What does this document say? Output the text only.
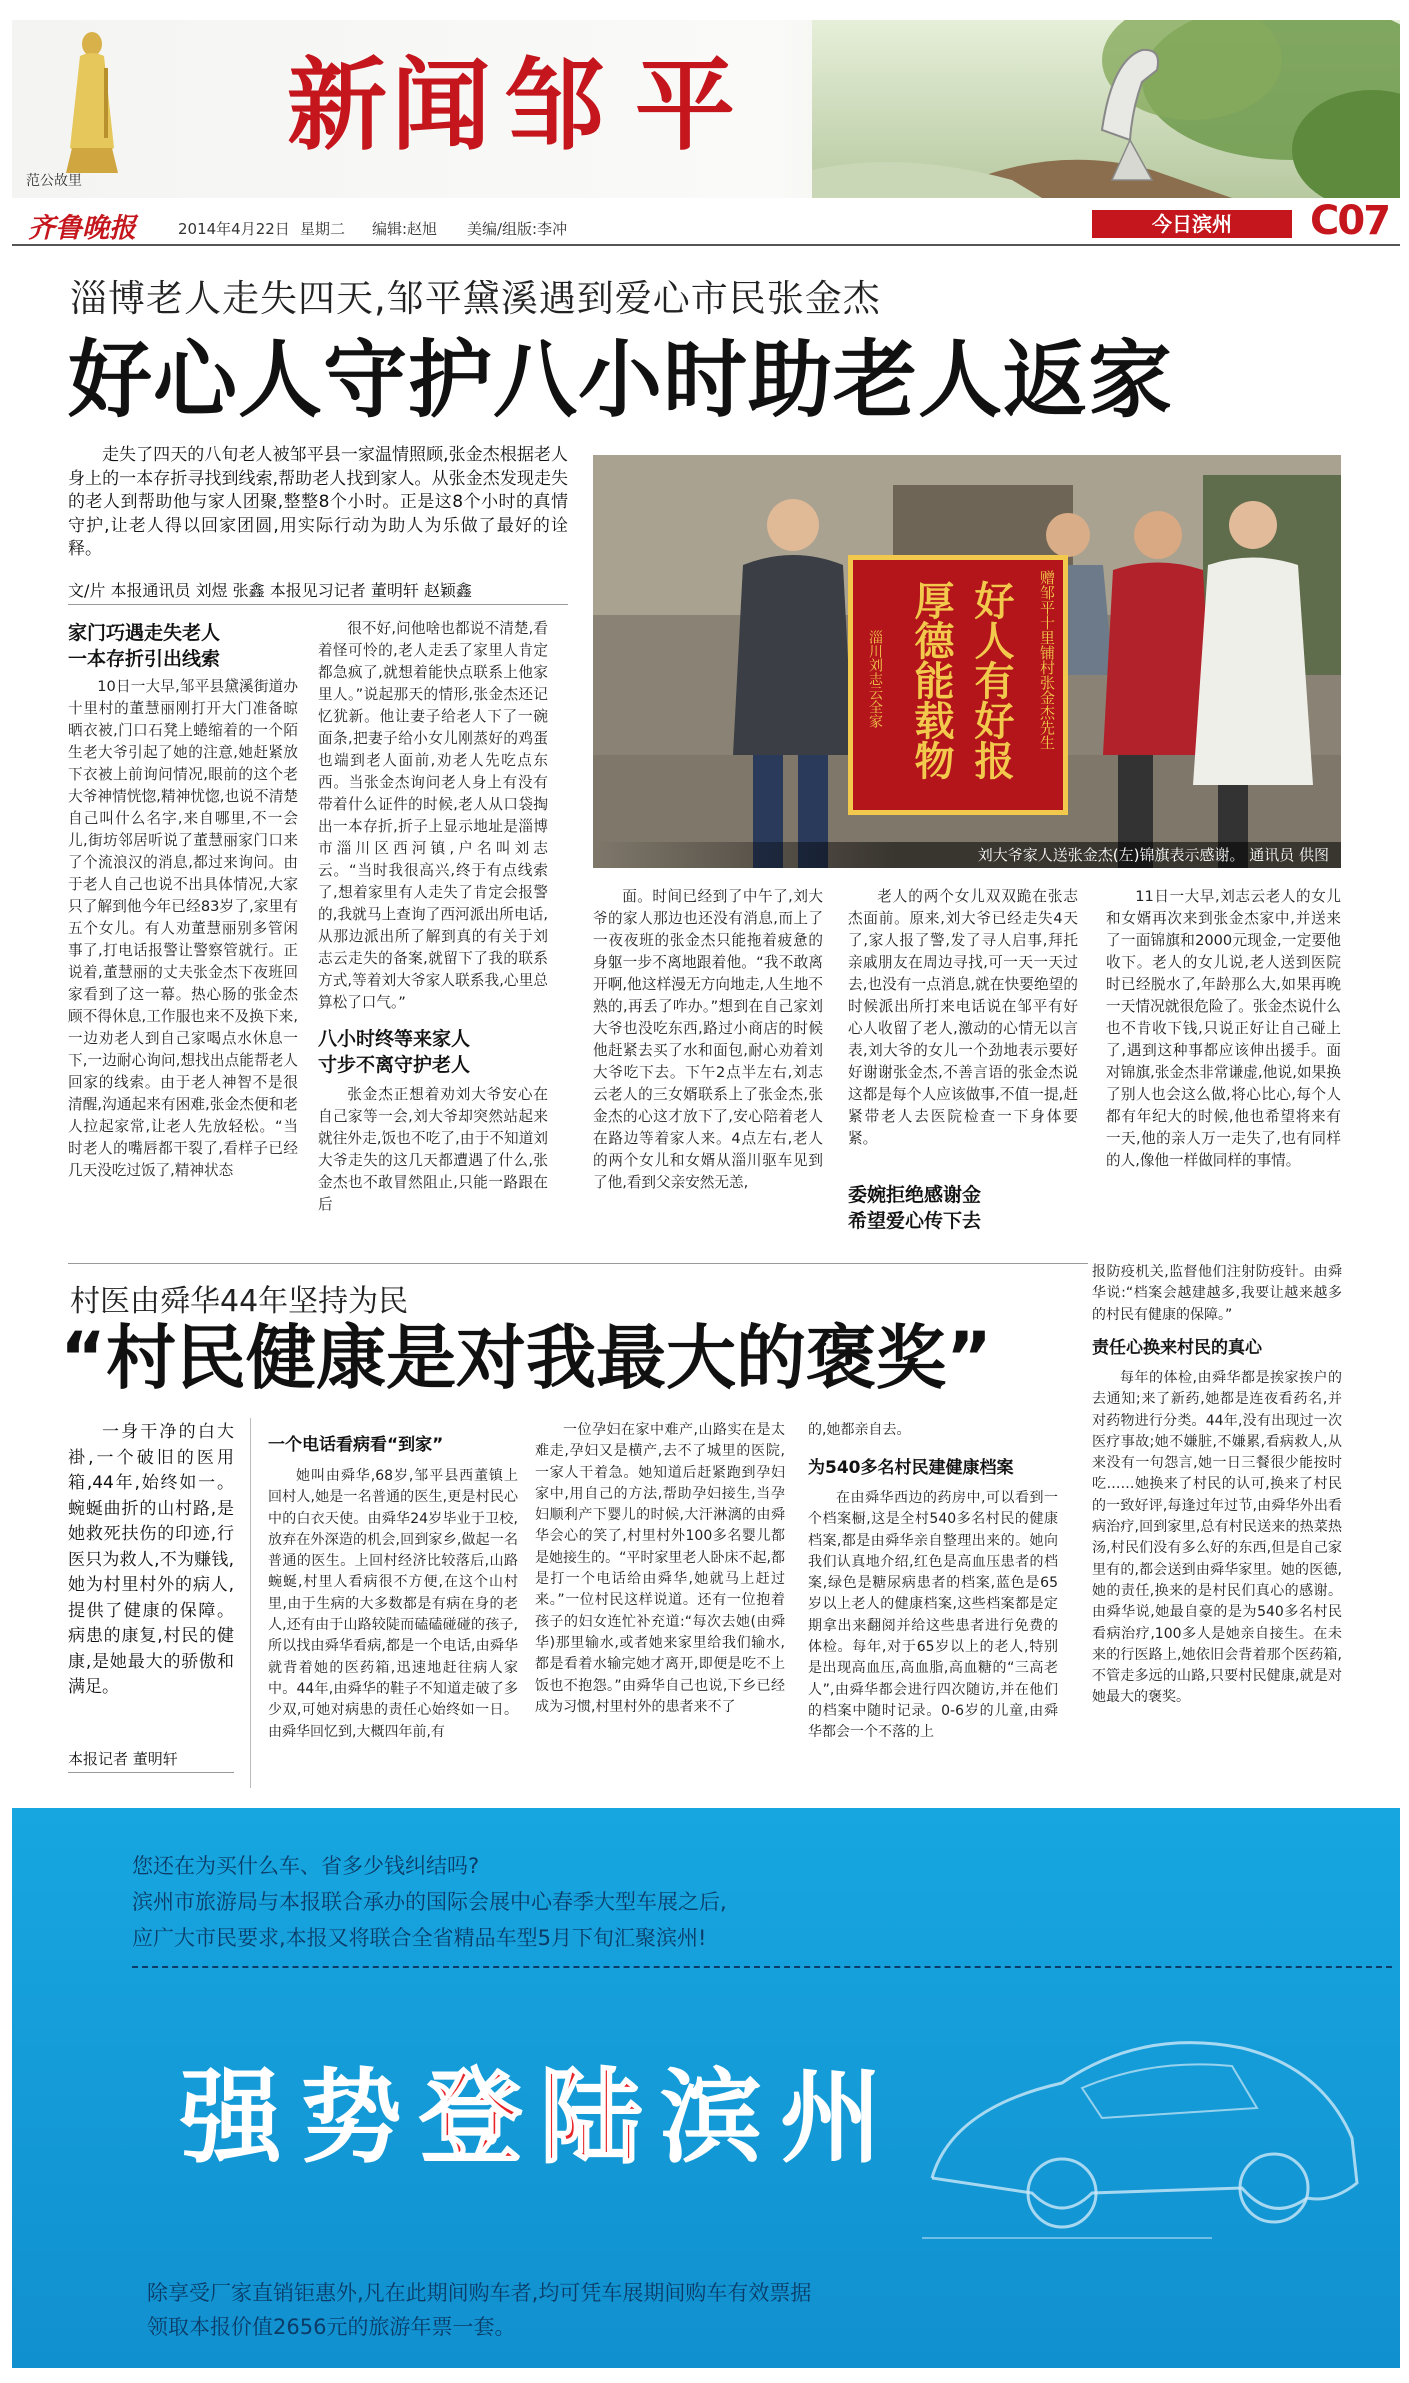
范公故里
新闻 邹平
齐鲁晚报	2014年4月22日 星期二 编辑:赵旭 美编/组版:李冲	今日滨州	C07
淄博老人走失四天,邹平黛溪遇到爱心市民张金杰
好心人守护八小时助老人返家
走失了四天的八旬老人被邹平县一家温情照顾,张金杰根据老人身上的一本存折寻找到线索,帮助老人找到家人。从张金杰发现走失的老人到帮助他与家人团聚,整整8个小时。正是这8个小时的真情守护,让老人得以回家团圆,用实际行动为助人为乐做了最好的诠释。
文/片 本报通讯员 刘煜 张鑫 本报见习记者 董明轩 赵颖鑫
家门巧遇走失老人
一本存折引出线索

10日一大早,邹平县黛溪街道办十里村的董慧丽刚打开大门准备晾晒衣被,门口石凳上蜷缩着的一个陌生老大爷引起了她的注意,她赶紧放下衣被上前询问情况,眼前的这个老大爷神情恍惚,精神忧惚,也说不清楚自己叫什么名字,来自哪里,不一会儿,街坊邻居听说了董慧丽家门口来了个流浪汉的消息,都过来询问。由于老人自己也说不出具体情况,大家只了解到他今年已经83岁了,家里有五个女儿。有人劝董慧丽别多管闲事了,打电话报警让警察管就行。正说着,董慧丽的丈夫张金杰下夜班回家看到了这一幕。热心肠的张金杰顾不得休息,工作服也来不及换下来,一边劝老人到自己家喝点水休息一下,一边耐心询问,想找出点能帮老人回家的线索。由于老人神智不是很清醒,沟通起来有困难,张金杰便和老人拉起家常,让老人先放轻松。“当时老人的嘴唇都干裂了,看样子已经几天没吃过饭了,精神状态

很不好,问他啥也都说不清楚,看着怪可怜的,老人走丢了家里人肯定都急疯了,就想着能快点联系上他家里人。”说起那天的情形,张金杰还记忆犹新。他让妻子给老人下了一碗面条,把妻子给小女儿刚蒸好的鸡蛋也端到老人面前,劝老人先吃点东西。当张金杰询问老人身上有没有带着什么证件的时候,老人从口袋掏出一本存折,折子上显示地址是淄博市淄川区西河镇,户名叫刘志云。“当时我很高兴,终于有点线索了,想着家里有人走失了肯定会报警的,我就马上查询了西河派出所电话,从那边派出所了解到真的有关于刘志云走失的备案,就留下了我的联系方式,等着刘大爷家人联系我,心里总算松了口气。”

八小时终等来家人
寸步不离守护老人

张金杰正想着劝刘大爷安心在自己家等一会,刘大爷却突然站起来就往外走,饭也不吃了,由于不知道刘大爷走失的这几天都遭遇了什么,张金杰也不敢冒然阻止,只能一路跟在后

赠邹平十里铺村张金杰先生
好人有好报
厚德能载物
淄川刘志云全家
刘大爷家人送张金杰(左)锦旗表示感谢。 通讯员 供图

面。时间已经到了中午了,刘大爷的家人那边也还没有消息,而上了一夜夜班的张金杰只能拖着疲惫的身躯一步不离地跟着他。“我不敢离开啊,他这样漫无方向地走,人生地不熟的,再丢了咋办。”想到在自己家刘大爷也没吃东西,路过小商店的时候他赶紧去买了水和面包,耐心劝着刘大爷吃下去。下午2点半左右,刘志云老人的三女婿联系上了张金杰,张金杰的心这才放下了,安心陪着老人在路边等着家人来。4点左右,老人的两个女儿和女婿从淄川驱车见到了他,看到父亲安然无恙,

老人的两个女儿双双跪在张志杰面前。原来,刘大爷已经走失4天了,家人报了警,发了寻人启事,拜托亲戚朋友在周边寻找,可一天一天过去,也没有一点消息,就在快要绝望的时候派出所打来电话说在邹平有好心人收留了老人,激动的心情无以言表,刘大爷的女儿一个劲地表示要好好谢谢张金杰,不善言语的张金杰说这都是每个人应该做事,不值一提,赶紧带老人去医院检查一下身体要紧。

委婉拒绝感谢金
希望爱心传下去

11日一大早,刘志云老人的女儿和女婿再次来到张金杰家中,并送来了一面锦旗和2000元现金,一定要他收下。老人的女儿说,老人送到医院时已经脱水了,年龄那么大,如果再晚一天情况就很危险了。张金杰说什么也不肯收下钱,只说正好让自己碰上了,遇到这种事都应该伸出援手。面对锦旗,张金杰非常谦虚,他说,如果换了别人也会这么做,将心比心,每个人都有年纪大的时候,他也希望将来有一天,他的亲人万一走失了,也有同样的人,像他一样做同样的事情。

村医由舜华44年坚持为民
“村民健康是对我最大的褒奖”
一身干净的白大褂,一个破旧的医用箱,44年,始终如一。蜿蜒曲折的山村路,是她救死扶伤的印迹,行医只为救人,不为赚钱,她为村里村外的病人,提供了健康的保障。病患的康复,村民的健康,是她最大的骄傲和满足。
本报记者 董明轩
一个电话看病看“到家”

她叫由舜华,68岁,邹平县西董镇上回村人,她是一名普通的医生,更是村民心中的白衣天使。由舜华24岁毕业于卫校,放弃在外深造的机会,回到家乡,做起一名普通的医生。上回村经济比较落后,山路蜿蜒,村里人看病很不方便,在这个山村里,由于生病的大多数都是有病在身的老人,还有由于山路较陡而磕磕碰碰的孩子,所以找由舜华看病,都是一个电话,由舜华就背着她的医药箱,迅速地赶往病人家中。44年,由舜华的鞋子不知道走破了多少双,可她对病患的责任心始终如一日。由舜华回忆到,大概四年前,有

一位孕妇在家中难产,山路实在是太难走,孕妇又是横产,去不了城里的医院,一家人干着急。她知道后赶紧跑到孕妇家中,用自己的方法,帮助孕妇接生,当孕妇顺利产下婴儿的时候,大汗淋漓的由舜华会心的笑了,村里村外100多名婴儿都是她接生的。“平时家里老人卧床不起,都是打一个电话给由舜华,她就马上赶过来。”一位村民这样说道。还有一位抱着孩子的妇女连忙补充道:“每次去她(由舜华)那里输水,或者她来家里给我们输水,都是看着水输完她才离开,即便是吃不上饭也不抱怨。”由舜华自己也说,下乡已经成为习惯,村里村外的患者来不了

的,她都亲自去。

为540多名村民建健康档案

在由舜华西边的药房中,可以看到一个档案橱,这是全村540多名村民的健康档案,都是由舜华亲自整理出来的。她向我们认真地介绍,红色是高血压患者的档案,绿色是糖尿病患者的档案,蓝色是65岁以上老人的健康档案,这些档案都是定期拿出来翻阅并给这些患者进行免费的体检。每年,对于65岁以上的老人,特别是出现高血压,高血脂,高血糖的“三高老人”,由舜华都会进行四次随访,并在他们的档案中随时记录。0-6岁的儿童,由舜华都会一个不落的上

报防疫机关,监督他们注射防疫针。由舜华说:“档案会越建越多,我要让越来越多的村民有健康的保障。”

责任心换来村民的真心

每年的体检,由舜华都是挨家挨户的去通知;来了新药,她都是连夜看药名,并对药物进行分类。44年,没有出现过一次医疗事故;她不嫌脏,不嫌累,看病救人,从来没有一句怨言,她一日三餐很少能按时吃……她换来了村民的认可,换来了村民的一致好评,每逢过年过节,由舜华外出看病治疗,回到家里,总有村民送来的热菜热汤,村民们没有多么好的东西,但是自己家里有的,都会送到由舜华家里。她的医德,她的责任,换来的是村民们真心的感谢。由舜华说,她最自豪的是为540多名村民看病治疗,100多人是她亲自接生。在未来的行医路上,她依旧会背着那个医药箱,不管走多远的山路,只要村民健康,就是对她最大的褒奖。

您还在为买什么车、省多少钱纠结吗?
滨州市旅游局与本报联合承办的国际会展中心春季大型车展之后,
应广大市民要求,本报又将联合全省精品车型5月下旬汇聚滨州!
强势登陆滨州
除享受厂家直销钜惠外,凡在此期间购车者,均可凭车展期间购车有效票据
领取本报价值2656元的旅游年票一套。
